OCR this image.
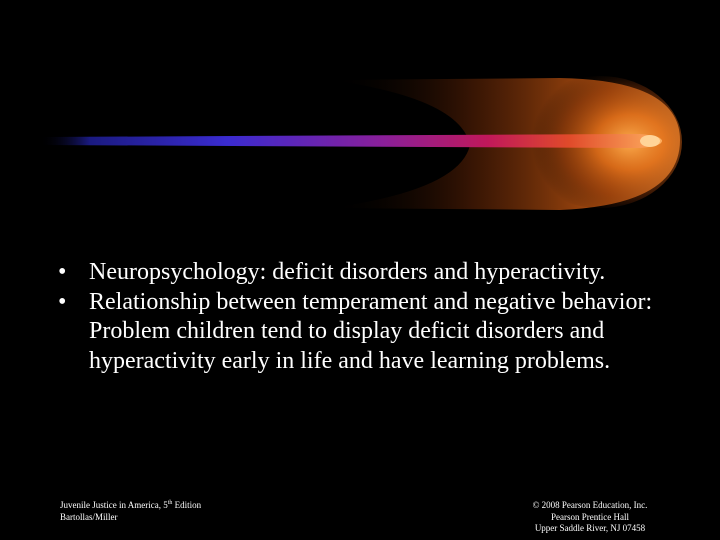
• Neuropsychology: deficit disorders and hyperactivity.
• Relationship between temperament and negative behavior: Problem children tend to display deficit disorders and hyperactivity early in life and have learning problems.
Juvenile Justice in America, 5th Edition
Bartollas/Miller
© 2008 Pearson Education, Inc.
Pearson Prentice Hall
Upper Saddle River, NJ 07458
